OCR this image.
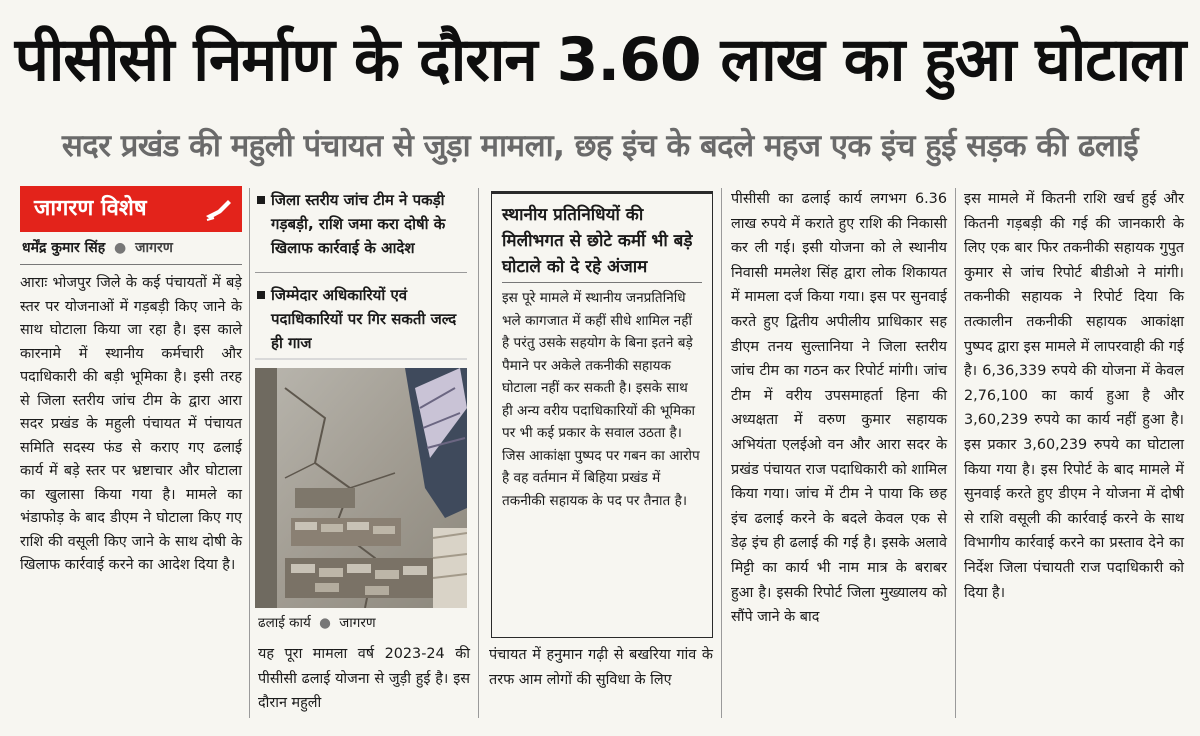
पीसीसी निर्माण के दौरान 3.60 लाख का हुआ घोटाला
सदर प्रखंड की महुली पंचायत से जुड़ा मामला, छह इंच के बदले महज एक इंच हुई सड़क की ढलाई
जागरण विशेष
धर्मेंद्र कुमार सिंह ● जागरण

आराः भोजपुर जिले के कई पंचायतों में बड़े स्तर पर योजनाओं में गड़बड़ी किए जाने के साथ घोटाला किया जा रहा है। इस काले कारनामे में स्थानीय कर्मचारी और पदाधिकारी की बड़ी भूमिका है। इसी तरह से जिला स्तरीय जांच टीम के द्वारा आरा सदर प्रखंड के महुली पंचायत में पंचायत समिति सदस्य फंड से कराए गए ढलाई कार्य में बड़े स्तर पर भ्रष्टाचार और घोटाला का खुलासा किया गया है। मामले का भंडाफोड़ के बाद डीएम ने घोटाला किए गए राशि की वसूली किए जाने के साथ दोषी के खिलाफ कार्रवाई करने का आदेश दिया है।

जिला स्तरीय जांच टीम ने पकड़ी गड़बड़ी, राशि जमा करा दोषी के खिलाफ कार्रवाई के आदेश
जिम्मेदार अधिकारियों एवं पदाधिकारियों पर गिर सकती जल्द ही गाज
ढलाई कार्य ● जागरण

यह पूरा मामला वर्ष 2023-24 की पीसीसी ढलाई योजना से जुड़ी हुई है। इस दौरान महुली

स्थानीय प्रतिनिधियों की मिलीभगत से छोटे कर्मी भी बड़े घोटाले को दे रहे अंजाम
इस पूरे मामले में स्थानीय जनप्रतिनिधि भले कागजात में कहीं सीधे शामिल नहीं है परंतु उसके सहयोग के बिना इतने बड़े पैमाने पर अकेले तकनीकी सहायक घोटाला नहीं कर सकती है। इसके साथ ही अन्य वरीय पदाधिकारियों की भूमिका पर भी कई प्रकार के सवाल उठता है। जिस आकांक्षा पुष्पद पर गबन का आरोप है वह वर्तमान में बिहिया प्रखंड में तकनीकी सहायक के पद पर तैनात है।

पंचायत में हनुमान गढ़ी से बखरिया गांव के तरफ आम लोगों की सुविधा के लिए

पीसीसी का ढलाई कार्य लगभग 6.36 लाख रुपये में कराते हुए राशि की निकासी कर ली गई। इसी योजना को ले स्थानीय निवासी ममलेश सिंह द्वारा लोक शिकायत में मामला दर्ज किया गया। इस पर सुनवाई करते हुए द्वितीय अपीलीय प्राधिकार सह डीएम तनय सुल्तानिया ने जिला स्तरीय जांच टीम का गठन कर रिपोर्ट मांगी। जांच टीम में वरीय उपसमाहर्ता हिना की अध्यक्षता में वरुण कुमार सहायक अभियंता एलईओ वन और आरा सदर के प्रखंड पंचायत राज पदाधिकारी को शामिल किया गया। जांच में टीम ने पाया कि छह इंच ढलाई करने के बदले केवल एक से डेढ़ इंच ही ढलाई की गई है। इसके अलावे मिट्टी का कार्य भी नाम मात्र के बराबर हुआ है। इसकी रिपोर्ट जिला मुख्यालय को सौंपे जाने के बाद

इस मामले में कितनी राशि खर्च हुई और कितनी गड़बड़ी की गई की जानकारी के लिए एक बार फिर तकनीकी सहायक गुपुत कुमार से जांच रिपोर्ट बीडीओ ने मांगी। तकनीकी सहायक ने रिपोर्ट दिया कि तत्कालीन तकनीकी सहायक आकांक्षा पुष्पद द्वारा इस मामले में लापरवाही की गई है। 6,36,339 रुपये की योजना में केवल 2,76,100 का कार्य हुआ है और 3,60,239 रुपये का कार्य नहीं हुआ है। इस प्रकार 3,60,239 रुपये का घोटाला किया गया है। इस रिपोर्ट के बाद मामले में सुनवाई करते हुए डीएम ने योजना में दोषी से राशि वसूली की कार्रवाई करने के साथ विभागीय कार्रवाई करने का प्रस्ताव देने का निर्देश जिला पंचायती राज पदाधिकारी को दिया है।
